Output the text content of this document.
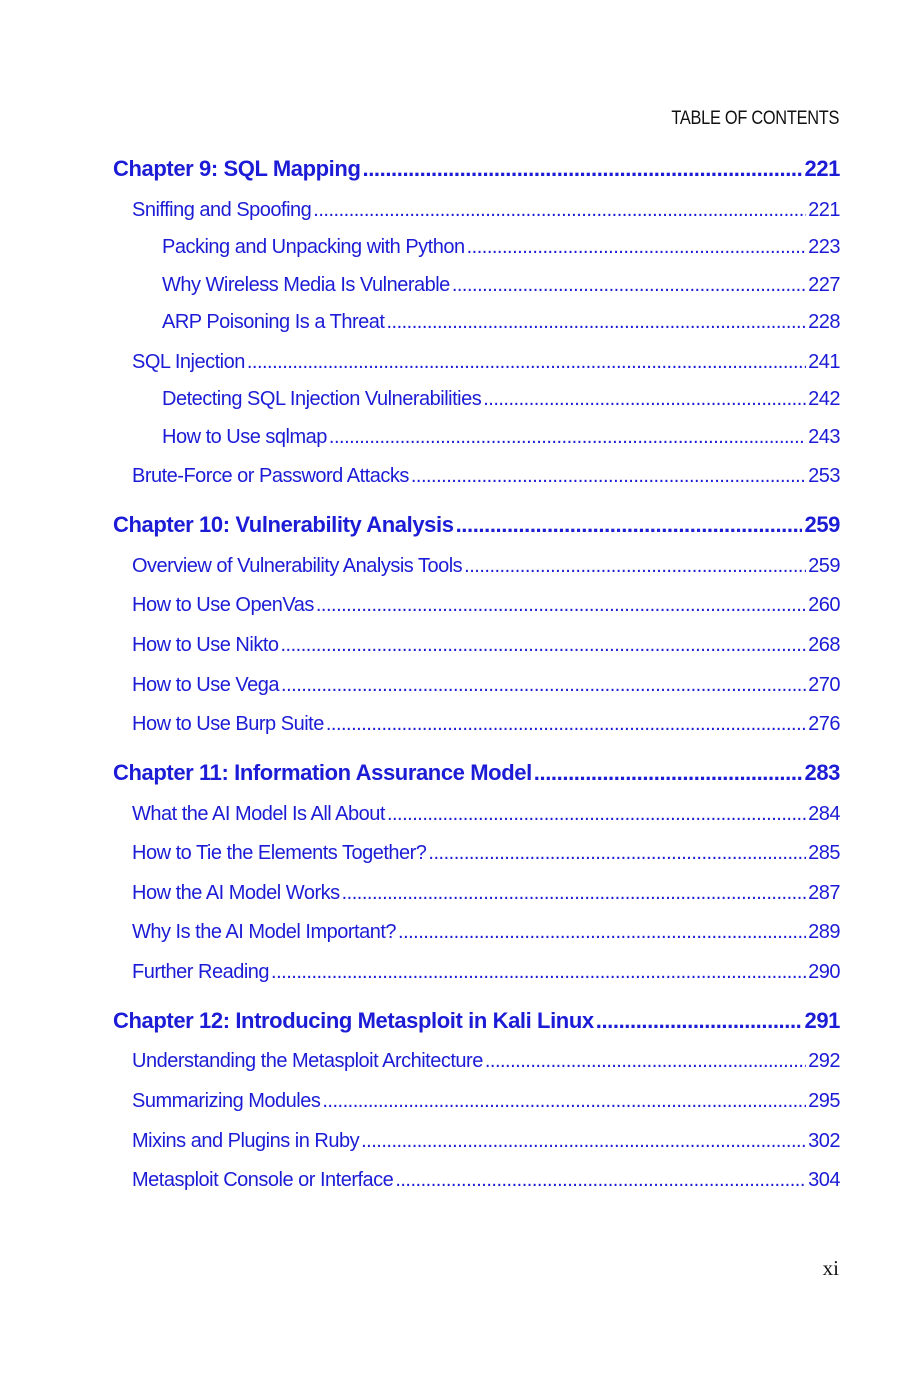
TABLE OF CONTENTS
Chapter 9: SQL Mapping .....	221
Sniffing and Spoofing .....	221
Packing and Unpacking with Python .....	223
Why Wireless Media Is Vulnerable .....	227
ARP Poisoning Is a Threat .....	228
SQL Injection .....	241
Detecting SQL Injection Vulnerabilities .....	242
How to Use sqlmap .....	243
Brute-Force or Password Attacks .....	253
Chapter 10: Vulnerability Analysis .....	259
Overview of Vulnerability Analysis Tools .....	259
How to Use OpenVas .....	260
How to Use Nikto .....	268
How to Use Vega .....	270
How to Use Burp Suite .....	276
Chapter 11: Information Assurance Model .....	283
What the AI Model Is All About .....	284
How to Tie the Elements Together? .....	285
How the AI Model Works .....	287
Why Is the AI Model Important? .....	289
Further Reading .....	290
Chapter 12: Introducing Metasploit in Kali Linux .....	291
Understanding the Metasploit Architecture .....	292
Summarizing Modules .....	295
Mixins and Plugins in Ruby .....	302
Metasploit Console or Interface .....	304
xi
